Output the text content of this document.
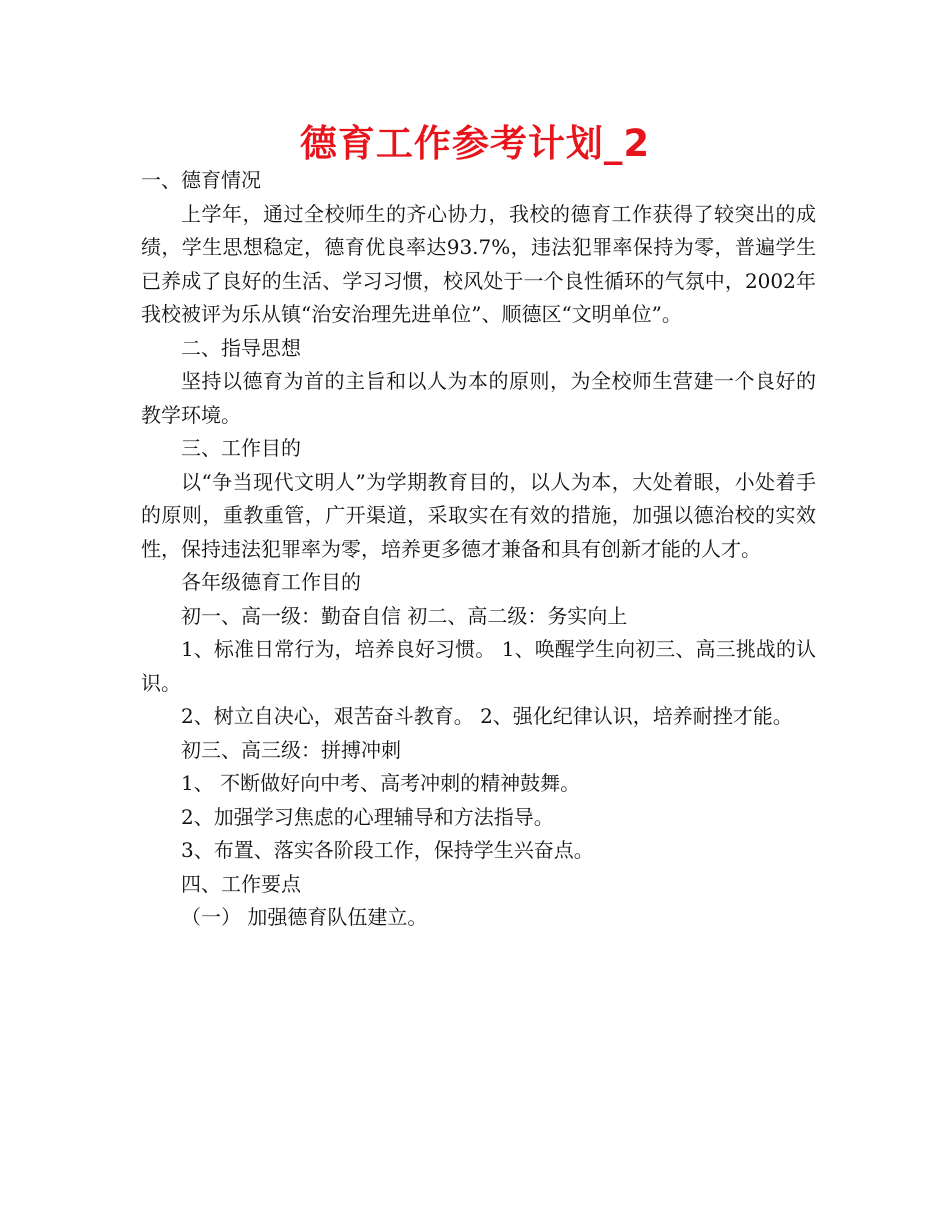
德育工作参考计划_2

一、德育情况

上学年，通过全校师生的齐心协力，我校的德育工作获得了较突出的成绩，学生思想稳定，德育优良率达93.7%，违法犯罪率保持为零，普遍学生已养成了良好的生活、学习习惯，校风处于一个良性循环的气氛中，2002年我校被评为乐从镇“治安治理先进单位”、顺德区“文明单位”。

二、指导思想

坚持以德育为首的主旨和以人为本的原则，为全校师生营建一个良好的教学环境。

三、工作目的

以“争当现代文明人”为学期教育目的，以人为本，大处着眼，小处着手的原则，重教重管，广开渠道，采取实在有效的措施，加强以德治校的实效性，保持违法犯罪率为零，培养更多德才兼备和具有创新才能的人才。

各年级德育工作目的

初一、高一级：勤奋自信 初二、高二级：务实向上

1、标准日常行为，培养良好习惯。 1、唤醒学生向初三、高三挑战的认识。

2、树立自决心，艰苦奋斗教育。 2、强化纪律认识，培养耐挫才能。

初三、高三级：拼搏冲刺

1、 不断做好向中考、高考冲刺的精神鼓舞。

2、加强学习焦虑的心理辅导和方法指导。

3、布置、落实各阶段工作，保持学生兴奋点。

四、工作要点

（一） 加强德育队伍建立。
